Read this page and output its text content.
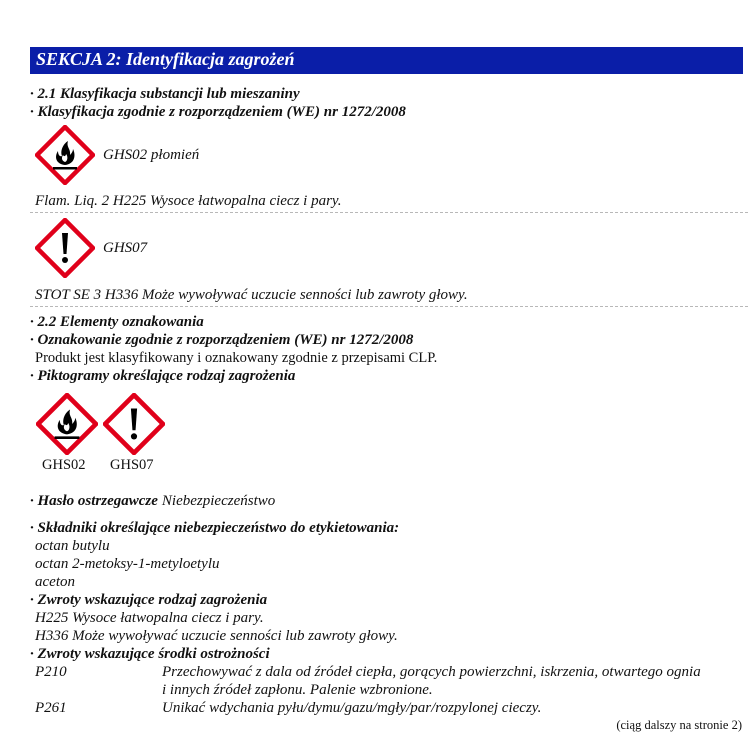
SEKCJA 2: Identyfikacja zagrożeń
· 2.1 Klasyfikacja substancji lub mieszaniny
· Klasyfikacja zgodnie z rozporządzeniem (WE) nr 1272/2008
GHS02 płomień
Flam. Liq. 2 H225 Wysoce łatwopalna ciecz i pary.
GHS07
STOT SE 3 H336 Może wywoływać uczucie senności lub zawroty głowy.
· 2.2 Elementy oznakowania
· Oznakowanie zgodnie z rozporządzeniem (WE) nr 1272/2008
Produkt jest klasyfikowany i oznakowany zgodnie z przepisami CLP.
· Piktogramy określające rodzaj zagrożenia
GHS02 GHS07
· Hasło ostrzegawcze Niebezpieczeństwo
· Składniki określające niebezpieczeństwo do etykietowania:
octan butylu
octan 2-metoksy-1-metyloetylu
aceton
· Zwroty wskazujące rodzaj zagrożenia
H225 Wysoce łatwopalna ciecz i pary.
H336 Może wywoływać uczucie senności lub zawroty głowy.
· Zwroty wskazujące środki ostrożności
P210	Przechowywać z dala od źródeł ciepła, gorących powierzchni, iskrzenia, otwartego ognia
i innych źródeł zapłonu. Palenie wzbronione.
P261	Unikać wdychania pyłu/dymu/gazu/mgły/par/rozpylonej cieczy.
(ciąg dalszy na stronie 2)
